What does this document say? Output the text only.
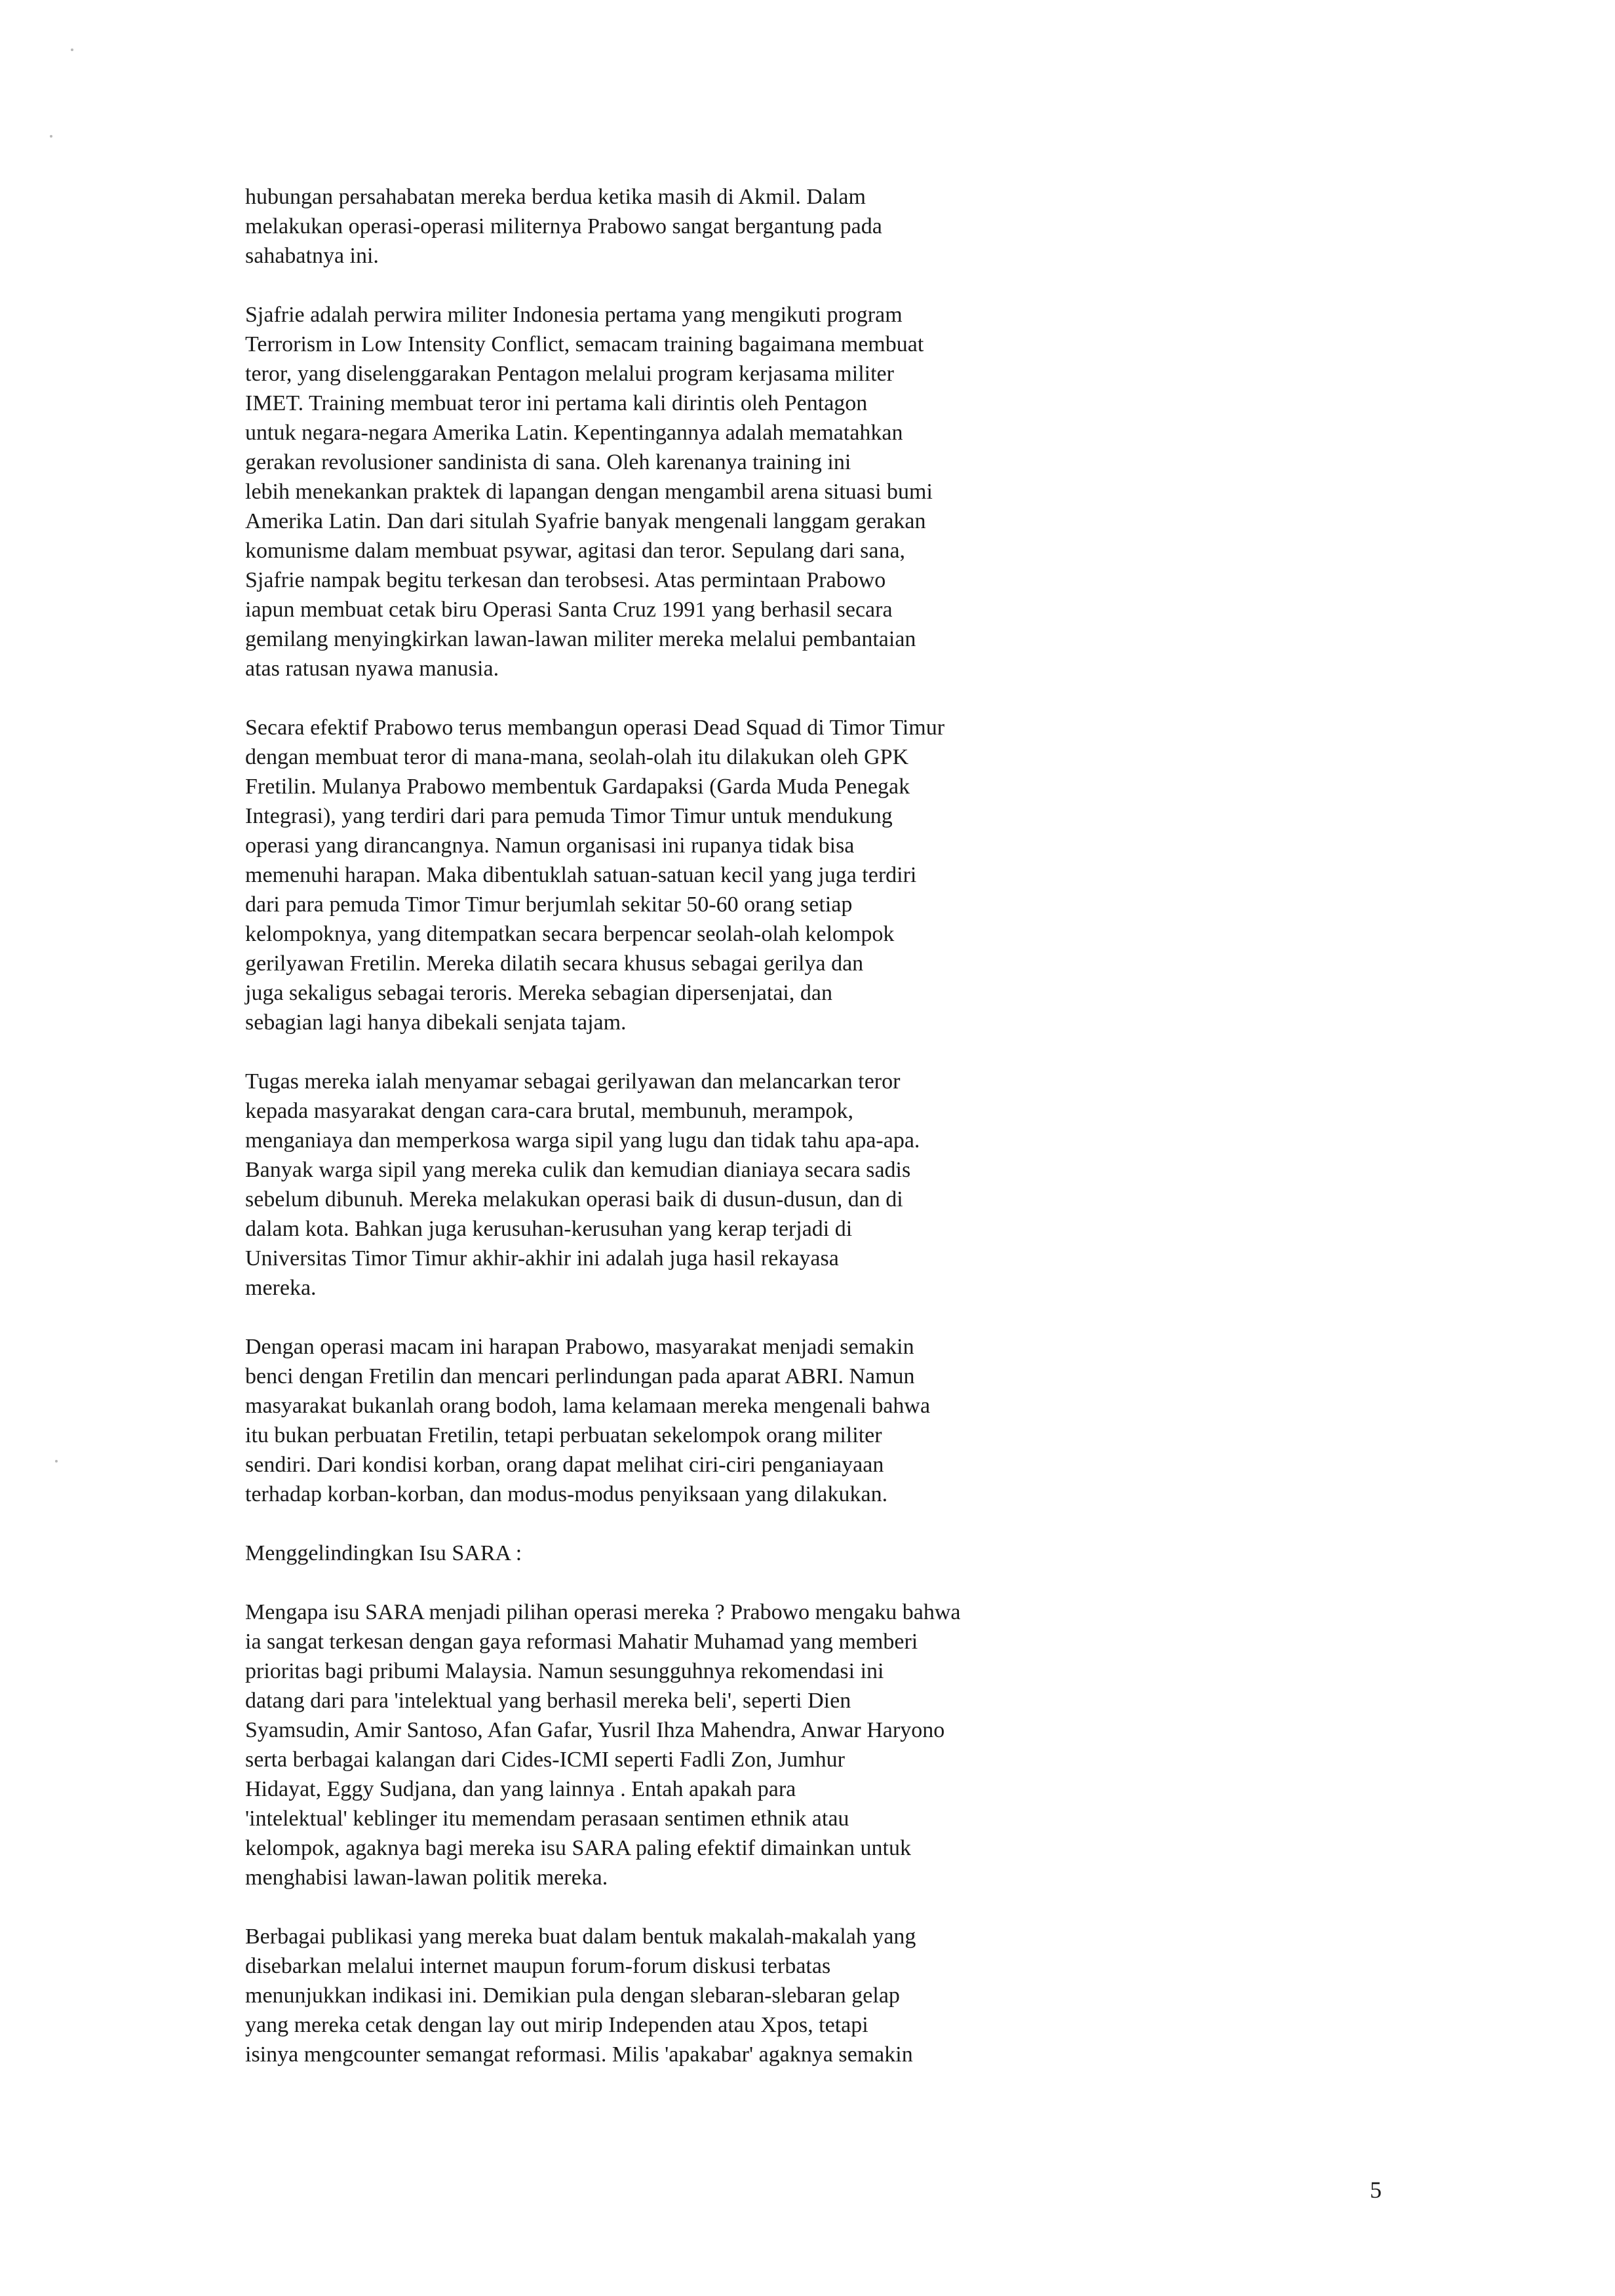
hubungan persahabatan mereka berdua ketika masih di Akmil. Dalam
melakukan operasi-operasi militernya Prabowo sangat bergantung pada
sahabatnya ini.
Sjafrie adalah perwira militer Indonesia pertama yang mengikuti program
Terrorism in Low Intensity Conflict, semacam training bagaimana membuat
teror, yang diselenggarakan Pentagon melalui program kerjasama militer
IMET. Training membuat teror ini pertama kali dirintis oleh Pentagon
untuk negara-negara Amerika Latin. Kepentingannya adalah mematahkan
gerakan revolusioner sandinista di sana. Oleh karenanya training ini
lebih menekankan praktek di lapangan dengan mengambil arena situasi bumi
Amerika Latin. Dan dari situlah Syafrie banyak mengenali langgam gerakan
komunisme dalam membuat psywar, agitasi dan teror. Sepulang dari sana,
Sjafrie nampak begitu terkesan dan terobsesi. Atas permintaan Prabowo
iapun membuat cetak biru Operasi Santa Cruz 1991 yang berhasil secara
gemilang menyingkirkan lawan-lawan militer mereka melalui pembantaian
atas ratusan nyawa manusia.
Secara efektif Prabowo terus membangun operasi Dead Squad di Timor Timur
dengan membuat teror di mana-mana, seolah-olah itu dilakukan oleh GPK
Fretilin. Mulanya Prabowo membentuk Gardapaksi (Garda Muda Penegak
Integrasi), yang terdiri dari para pemuda Timor Timur untuk mendukung
operasi yang dirancangnya. Namun organisasi ini rupanya tidak bisa
memenuhi harapan. Maka dibentuklah satuan-satuan kecil yang juga terdiri
dari para pemuda Timor Timur berjumlah sekitar 50-60 orang setiap
kelompoknya, yang ditempatkan secara berpencar seolah-olah kelompok
gerilyawan Fretilin. Mereka dilatih secara khusus sebagai gerilya dan
juga sekaligus sebagai teroris. Mereka sebagian dipersenjatai, dan
sebagian lagi hanya dibekali senjata tajam.
Tugas mereka ialah menyamar sebagai gerilyawan dan melancarkan teror
kepada masyarakat dengan cara-cara brutal, membunuh, merampok,
menganiaya dan memperkosa warga sipil yang lugu dan tidak tahu apa-apa.
Banyak warga sipil yang mereka culik dan kemudian dianiaya secara sadis
sebelum dibunuh. Mereka melakukan operasi baik di dusun-dusun, dan di
dalam kota. Bahkan juga kerusuhan-kerusuhan yang kerap terjadi di
Universitas Timor Timur akhir-akhir ini adalah juga hasil rekayasa
mereka.
Dengan operasi macam ini harapan Prabowo, masyarakat menjadi semakin
benci dengan Fretilin dan mencari perlindungan pada aparat ABRI. Namun
masyarakat bukanlah orang bodoh, lama kelamaan mereka mengenali bahwa
itu bukan perbuatan Fretilin, tetapi perbuatan sekelompok orang militer
sendiri. Dari kondisi korban, orang dapat melihat ciri-ciri penganiayaan
terhadap korban-korban, dan modus-modus penyiksaan yang dilakukan.
Menggelindingkan Isu SARA :
Mengapa isu SARA menjadi pilihan operasi mereka ? Prabowo mengaku bahwa
ia sangat terkesan dengan gaya reformasi Mahatir Muhamad yang memberi
prioritas bagi pribumi Malaysia. Namun sesungguhnya rekomendasi ini
datang dari para 'intelektual yang berhasil mereka beli', seperti Dien
Syamsudin, Amir Santoso, Afan Gafar, Yusril Ihza Mahendra, Anwar Haryono
serta berbagai kalangan dari Cides-ICMI seperti Fadli Zon, Jumhur
Hidayat, Eggy Sudjana, dan yang lainnya . Entah apakah para
'intelektual' keblinger itu memendam perasaan sentimen ethnik atau
kelompok, agaknya bagi mereka isu SARA paling efektif dimainkan untuk
menghabisi lawan-lawan politik mereka.
Berbagai publikasi yang mereka buat dalam bentuk makalah-makalah yang
disebarkan melalui internet maupun forum-forum diskusi terbatas
menunjukkan indikasi ini. Demikian pula dengan slebaran-slebaran gelap
yang mereka cetak dengan lay out mirip Independen atau Xpos, tetapi
isinya mengcounter semangat reformasi. Milis 'apakabar' agaknya semakin
5
